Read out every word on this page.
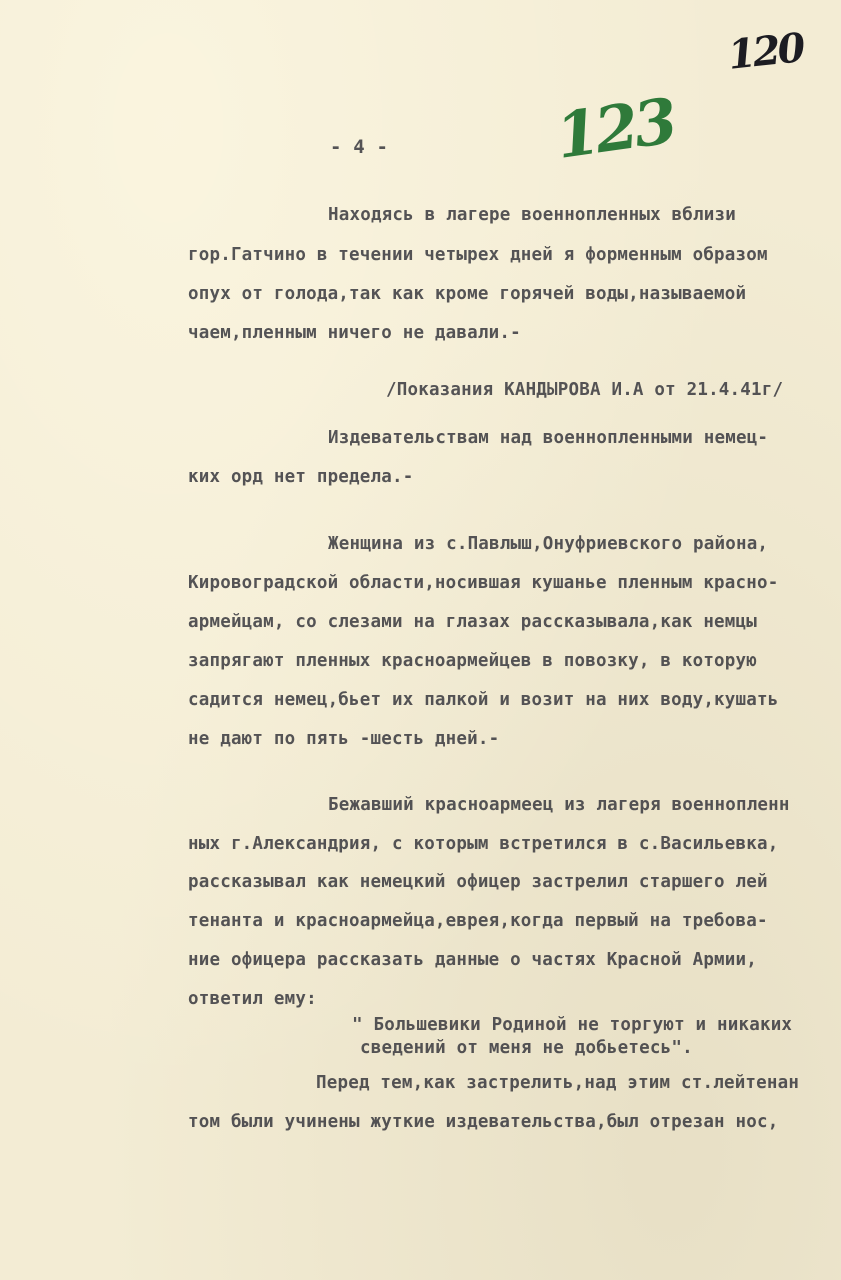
120
123
- 4 -
Находясь в лагере военнопленных вблизи
гор.Гатчино в течении четырех дней я форменным образом
опух от голода,так как кроме горячей воды,называемой
чаем,пленным ничего не давали.-
/Показания КАНДЫРОВА И.А от 21.4.41г/
Издевательствам над военнопленными немец-
ких орд нет предела.-
Женщина из с.Павлыш,Онуфриевского района,
Кировоградской области,носившая кушанье пленным красно-
армейцам, со слезами на глазах рассказывала,как немцы
запрягают пленных красноармейцев в повозку, в которую
садится немец,бьет их палкой и возит на них воду,кушать
не дают по пять -шесть дней.-
Бежавший красноармеец из лагеря военнопленн
ных г.Александрия, с которым встретился в с.Васильевка,
рассказывал как немецкий офицер застрелил старшего лей
тенанта и красноармейца,еврея,когда первый на требова-
ние офицера рассказать данные о частях Красной Армии,
ответил ему:
" Большевики Родиной не торгуют и никаких
сведений от меня не добьетесь".
Перед тем,как застрелить,над этим ст.лейтенан
том были учинены жуткие издевательства,был отрезан нос,
